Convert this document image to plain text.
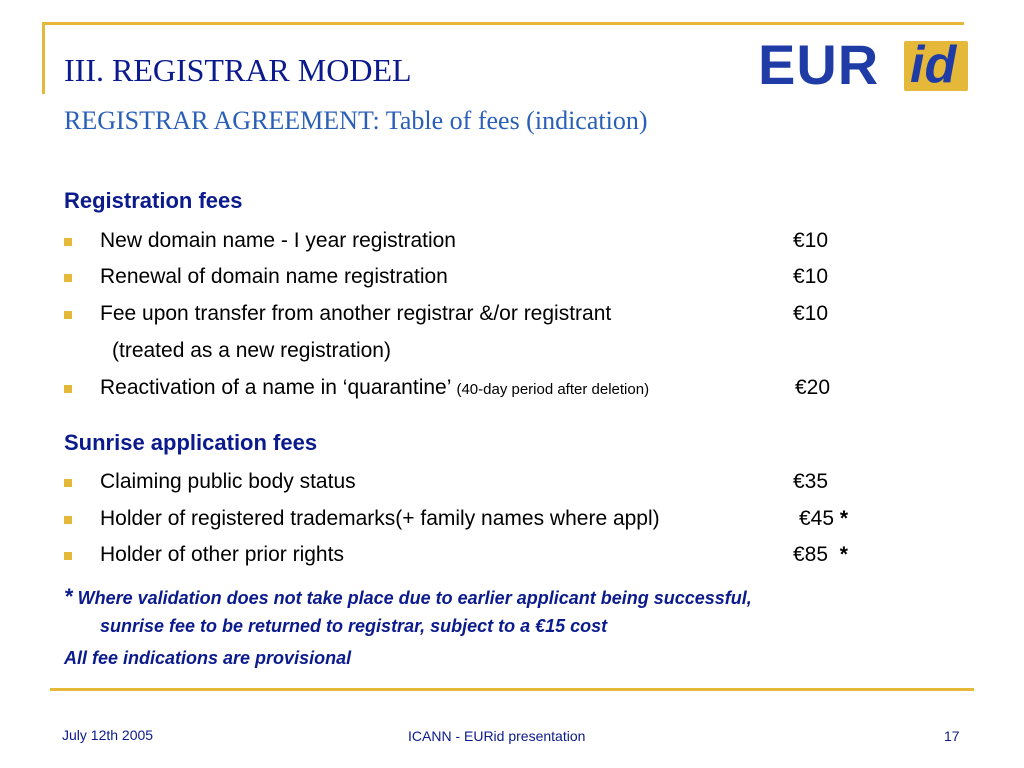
III. REGISTRAR MODEL
REGISTRAR AGREEMENT: Table of fees (indication)
EUR id
Registration fees
New domain name - I year registration	€10
Renewal of domain name registration	€10
Fee upon transfer from another registrar &/or registrant	€10
(treated as a new registration)
Reactivation of a name in ‘quarantine’ (40-day period after deletion)	€20
Sunrise application fees
Claiming public body status	€35
Holder of registered trademarks(+ family names where appl)	€45 *
Holder of other prior rights	€85 *
* Where validation does not take place due to earlier applicant being successful,
sunrise fee to be returned to registrar, subject to a €15 cost
All fee indications are provisional
July 12th 2005	ICANN - EURid presentation	17
